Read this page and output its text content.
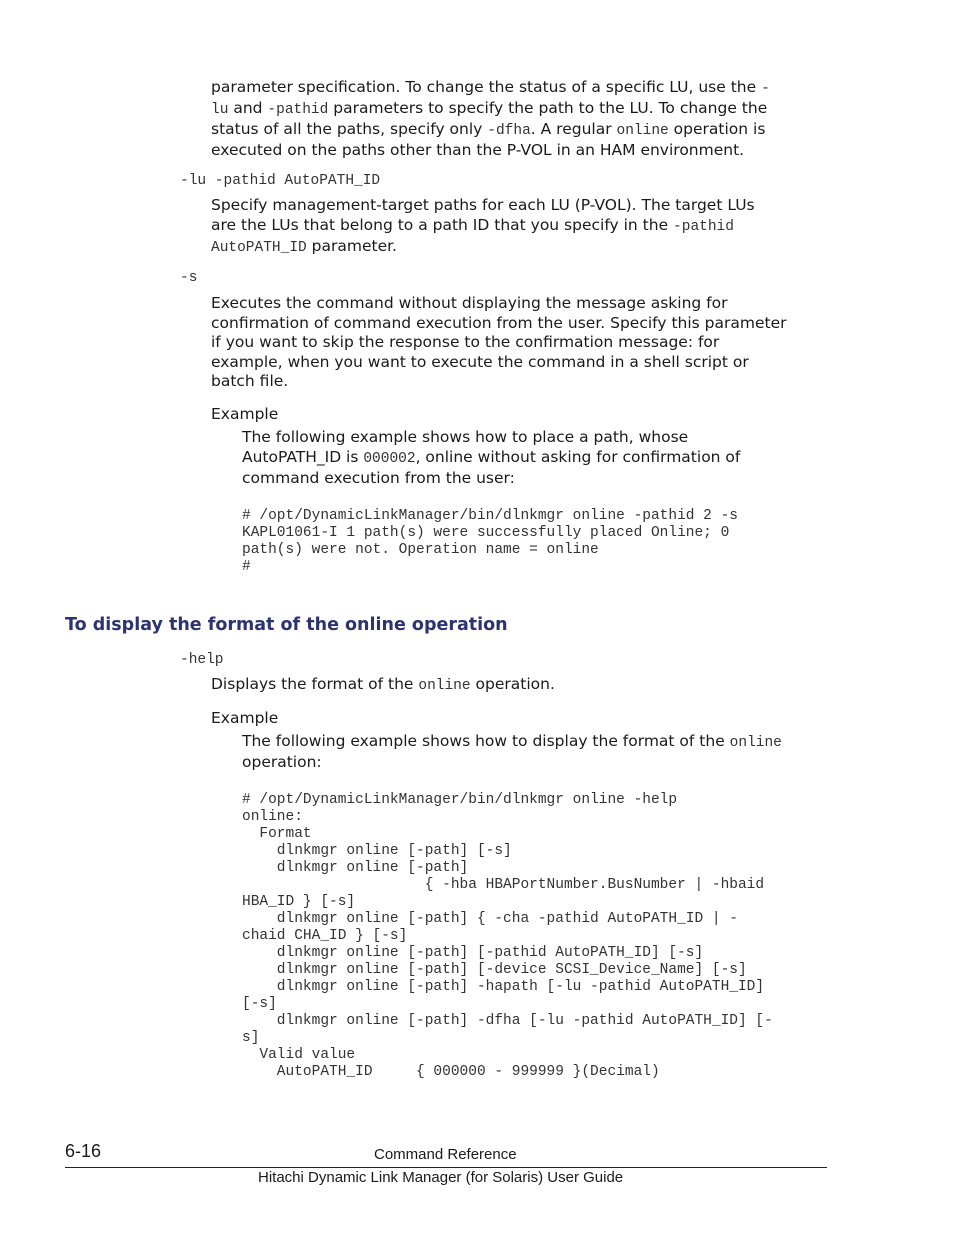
parameter specification. To change the status of a specific LU, use the -
lu and -pathid parameters to specify the path to the LU. To change the
status of all the paths, specify only -dfha. A regular online operation is
executed on the paths other than the P-VOL in an HAM environment.
-lu -pathid AutoPATH_ID
Specify management-target paths for each LU (P-VOL). The target LUs
are the LUs that belong to a path ID that you specify in the -pathid
AutoPATH_ID parameter.
-s
Executes the command without displaying the message asking for
confirmation of command execution from the user. Specify this parameter
if you want to skip the response to the confirmation message: for
example, when you want to execute the command in a shell script or
batch file.
Example
The following example shows how to place a path, whose
AutoPATH_ID is 000002, online without asking for confirmation of
command execution from the user:
# /opt/DynamicLinkManager/bin/dlnkmgr online -pathid 2 -s
KAPL01061-I 1 path(s) were successfully placed Online; 0
path(s) were not. Operation name = online
#
To display the format of the online operation
-help
Displays the format of the online operation.
Example
The following example shows how to display the format of the online
operation:
# /opt/DynamicLinkManager/bin/dlnkmgr online -help
online:
Format
dlnkmgr online [-path] [-s]
dlnkmgr online [-path]
{ -hba HBAPortNumber.BusNumber | -hbaid
HBA_ID } [-s]
dlnkmgr online [-path] { -cha -pathid AutoPATH_ID | -
chaid CHA_ID } [-s]
dlnkmgr online [-path] [-pathid AutoPATH_ID] [-s]
dlnkmgr online [-path] [-device SCSI_Device_Name] [-s]
dlnkmgr online [-path] -hapath [-lu -pathid AutoPATH_ID]
[-s]
dlnkmgr online [-path] -dfha [-lu -pathid AutoPATH_ID] [-
s]
Valid value
AutoPATH_ID     { 000000 - 999999 }(Decimal)
6-16	Command Reference
Hitachi Dynamic Link Manager (for Solaris) User Guide
